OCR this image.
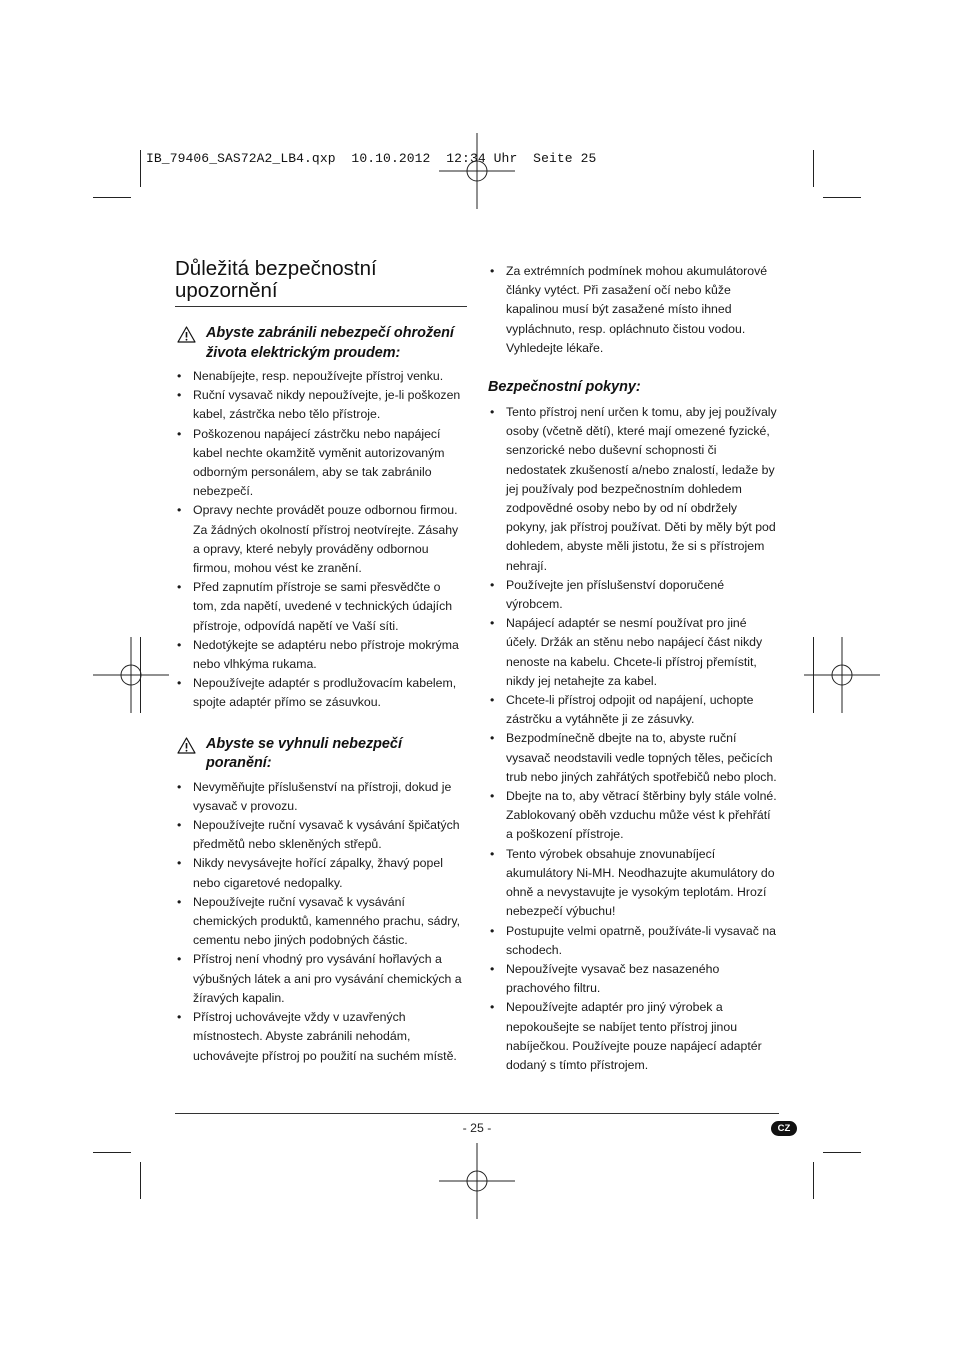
IB_79406_SAS72A2_LB4.qxp  10.10.2012  12:34 Uhr  Seite 25
Důležitá bezpečnostní upozornění
Abyste zabránili nebezpečí ohrožení života elektrickým proudem:
• Nenabíjejte, resp. nepoužívejte přístroj venku.
• Ruční vysavač nikdy nepoužívejte, je-li poškozen kabel, zástrčka nebo tělo přístroje.
• Poškozenou napájecí zástrčku nebo napájecí kabel nechte okamžitě vyměnit autorizovaným odborným personálem, aby se tak zabránilo nebezpečí.
• Opravy nechte provádět pouze odbornou firmou. Za žádných okolností přístroj neotvírejte. Zásahy a opravy, které nebyly prováděny odbornou firmou, mohou vést ke zranění.
• Před zapnutím přístroje se sami přesvědčte o tom, zda napětí, uvedené v technických údajích přístroje, odpovídá napětí ve Vaší síti.
• Nedotýkejte se adaptéru nebo přístroje mokrýma nebo vlhkýma rukama.
• Nepoužívejte adaptér s prodlužovacím kabelem, spojte adaptér přímo se zásuvkou.
Abyste se vyhnuli nebezpečí poranění:
• Nevyměňujte příslušenství na přístroji, dokud je vysavač v provozu.
• Nepoužívejte ruční vysavač k vysávání špičatých předmětů nebo skleněných střepů.
• Nikdy nevysávejte hořící zápalky, žhavý popel nebo cigaretové nedopalky.
• Nepoužívejte ruční vysavač k vysávání chemických produktů, kamenného prachu, sádry, cementu nebo jiných podobných částic.
• Přístroj není vhodný pro vysávání hořlavých a výbušných látek a ani pro vysávání chemických a žíravých kapalin.
• Přístroj uchovávejte vždy v uzavřených místnostech. Abyste zabránili nehodám, uchovávejte přístroj po použití na suchém místě.
• Za extrémních podmínek mohou akumulátorové články vytéct. Při zasažení očí nebo kůže kapalinou musí být zasažené místo ihned vypláchnuto, resp. opláchnuto čistou vodou. Vyhledejte lékaře.
Bezpečnostní pokyny:
• Tento přístroj není určen k tomu, aby jej používaly osoby (včetně dětí), které mají omezené fyzické, senzorické nebo duševní schopnosti či nedostatek zkušeností a/nebo znalostí, ledaže by jej používaly pod bezpečnostním dohledem zodpovědné osoby nebo by od ní obdržely pokyny, jak přístroj používat. Děti by měly být pod dohledem, abyste měli jistotu, že si s přístrojem nehrají.
• Používejte jen příslušenství doporučené výrobcem.
• Napájecí adaptér se nesmí používat pro jiné účely. Držák an stěnu nebo napájecí část nikdy nenoste na kabelu. Chcete-li přístroj přemístit, nikdy jej netahejte za kabel.
• Chcete-li přístroj odpojit od napájení, uchopte zástrčku a vytáhněte ji ze zásuvky.
• Bezpodmínečně dbejte na to, abyste ruční vysavač neodstavili vedle topných těles, pečicích trub nebo jiných zahřátých spotřebičů nebo ploch.
• Dbejte na to, aby větrací štěrbiny byly stále volné. Zablokovaný oběh vzduchu může vést k přehřátí a poškození přístroje.
• Tento výrobek obsahuje znovunabíjecí akumulátory Ni-MH. Neodhazujte akumulátory do ohně a nevystavujte je vysokým teplotám. Hrozí nebezpečí výbuchu!
• Postupujte velmi opatrně, používáte-li vysavač na schodech.
• Nepoužívejte vysavač bez nasazeného prachového filtru.
• Nepoužívejte adaptér pro jiný výrobek a nepokoušejte se nabíjet tento přístroj jinou nabíječkou. Používejte pouze napájecí adaptér dodaný s tímto přístrojem.
- 25 -	CZ
